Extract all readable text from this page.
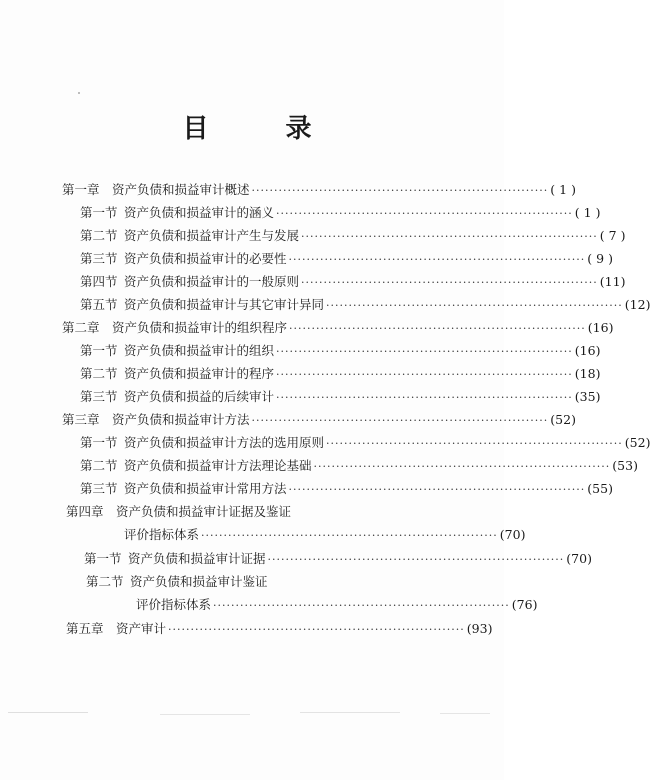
目 录
第一章 资产负债和损益审计概述 ·································································· ( 1 )
第一节 资产负债和损益审计的涵义 ·································································· ( 1 )
第二节 资产负债和损益审计产生与发展 ·································································· ( 7 )
第三节 资产负债和损益审计的必要性 ·································································· ( 9 )
第四节 资产负债和损益审计的一般原则 ·································································· (11)
第五节 资产负债和损益审计与其它审计异同 ·································································· (12)
第二章 资产负债和损益审计的组织程序 ·································································· (16)
第一节 资产负债和损益审计的组织 ·································································· (16)
第二节 资产负债和损益审计的程序 ·································································· (18)
第三节 资产负债和损益的后续审计 ·································································· (35)
第三章 资产负债和损益审计方法 ·································································· (52)
第一节 资产负债和损益审计方法的选用原则 ·································································· (52)
第二节 资产负债和损益审计方法理论基础 ·································································· (53)
第三节 资产负债和损益审计常用方法 ·································································· (55)
第四章 资产负债和损益审计证据及鉴证
评价指标体系 ·································································· (70)
第一节 资产负债和损益审计证据 ·································································· (70)
第二节 资产负债和损益审计鉴证
评价指标体系 ·································································· (76)
第五章 资产审计 ·································································· (93)
